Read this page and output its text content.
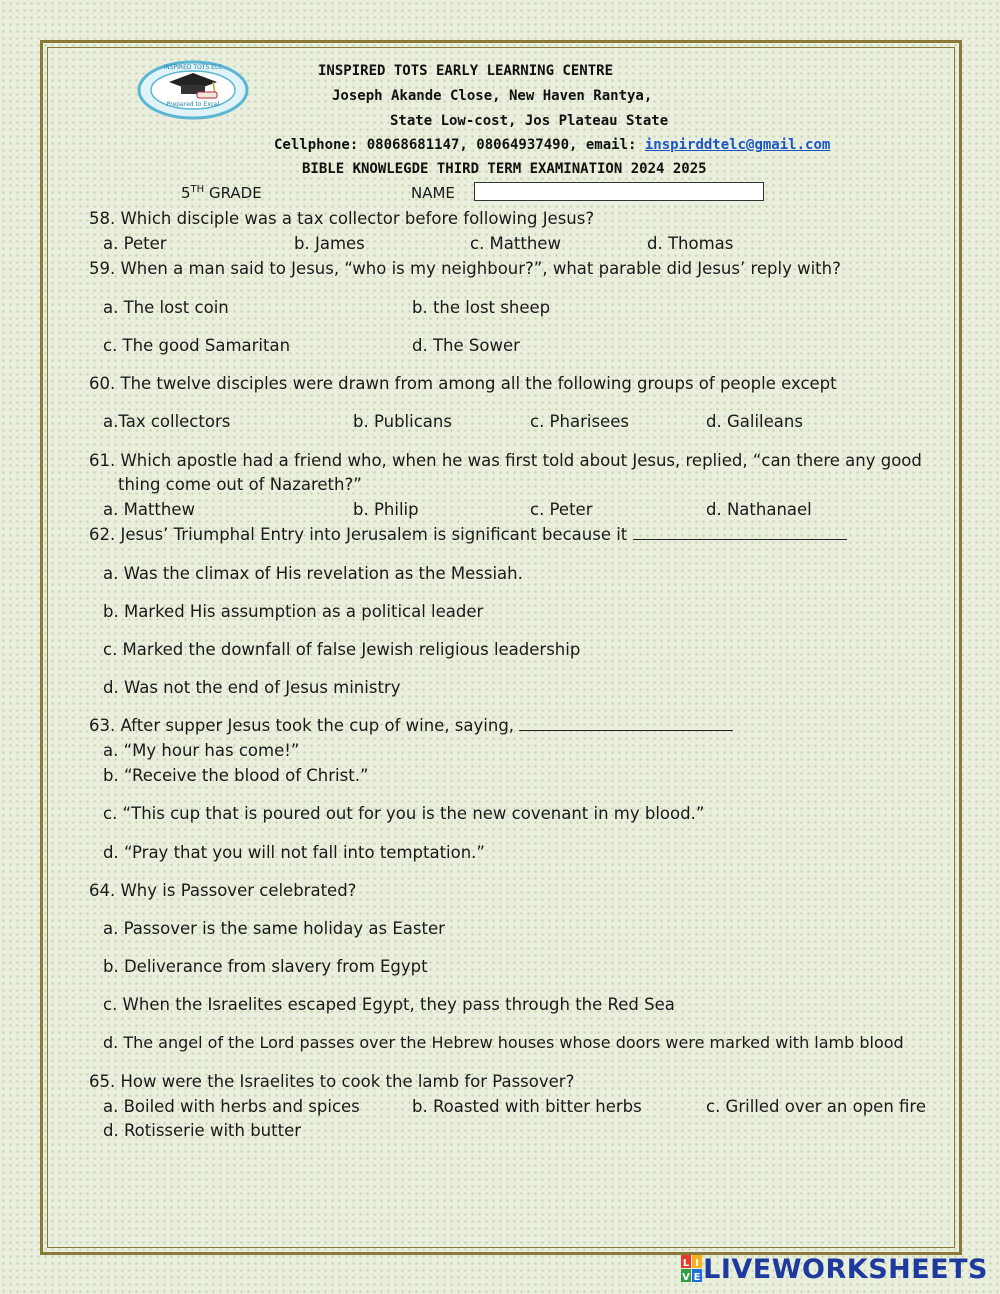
INSPIRED TOTS ELC
Prepared to Excel
INSPIRED TOTS EARLY LEARNING CENTRE
Joseph Akande Close, New Haven Rantya,
State Low-cost, Jos Plateau State
Cellphone: 08068681147, 08064937490, email: inspirddtelc@gmail.com
BIBLE KNOWLEGDE THIRD TERM EXAMINATION 2024 2025
5TH GRADE	NAME
58. Which disciple was a tax collector before following Jesus?
a. Peter	b. James	c. Matthew	d. Thomas
59. When a man said to Jesus, “who is my neighbour?”, what parable did Jesus’ reply with?
a. The lost coin	b. the lost sheep
c. The good Samaritan	d. The Sower
60. The twelve disciples were drawn from among all the following groups of people except
a.Tax collectors	b. Publicans	c. Pharisees	d. Galileans
61. Which apostle had a friend who, when he was first told about Jesus, replied, “can there any good
thing come out of Nazareth?”
a. Matthew	b. Philip	c. Peter	d. Nathanael
62. Jesus’ Triumphal Entry into Jerusalem is significant because it
a. Was the climax of His revelation as the Messiah.
b. Marked His assumption as a political leader
c. Marked the downfall of false Jewish religious leadership
d. Was not the end of Jesus ministry
63. After supper Jesus took the cup of wine, saying,
a. “My hour has come!”
b. “Receive the blood of Christ.”
c. “This cup that is poured out for you is the new covenant in my blood.”
d. “Pray that you will not fall into temptation.”
64. Why is Passover celebrated?
a. Passover is the same holiday as Easter
b. Deliverance from slavery from Egypt
c. When the Israelites escaped Egypt, they pass through the Red Sea
d. The angel of the Lord passes over the Hebrew houses whose doors were marked with lamb blood
65. How were the Israelites to cook the lamb for Passover?
a. Boiled with herbs and spices	b. Roasted with bitter herbs	c. Grilled over an open fire
d. Rotisserie with butter
L I
V E LIVEWORKSHEETS
